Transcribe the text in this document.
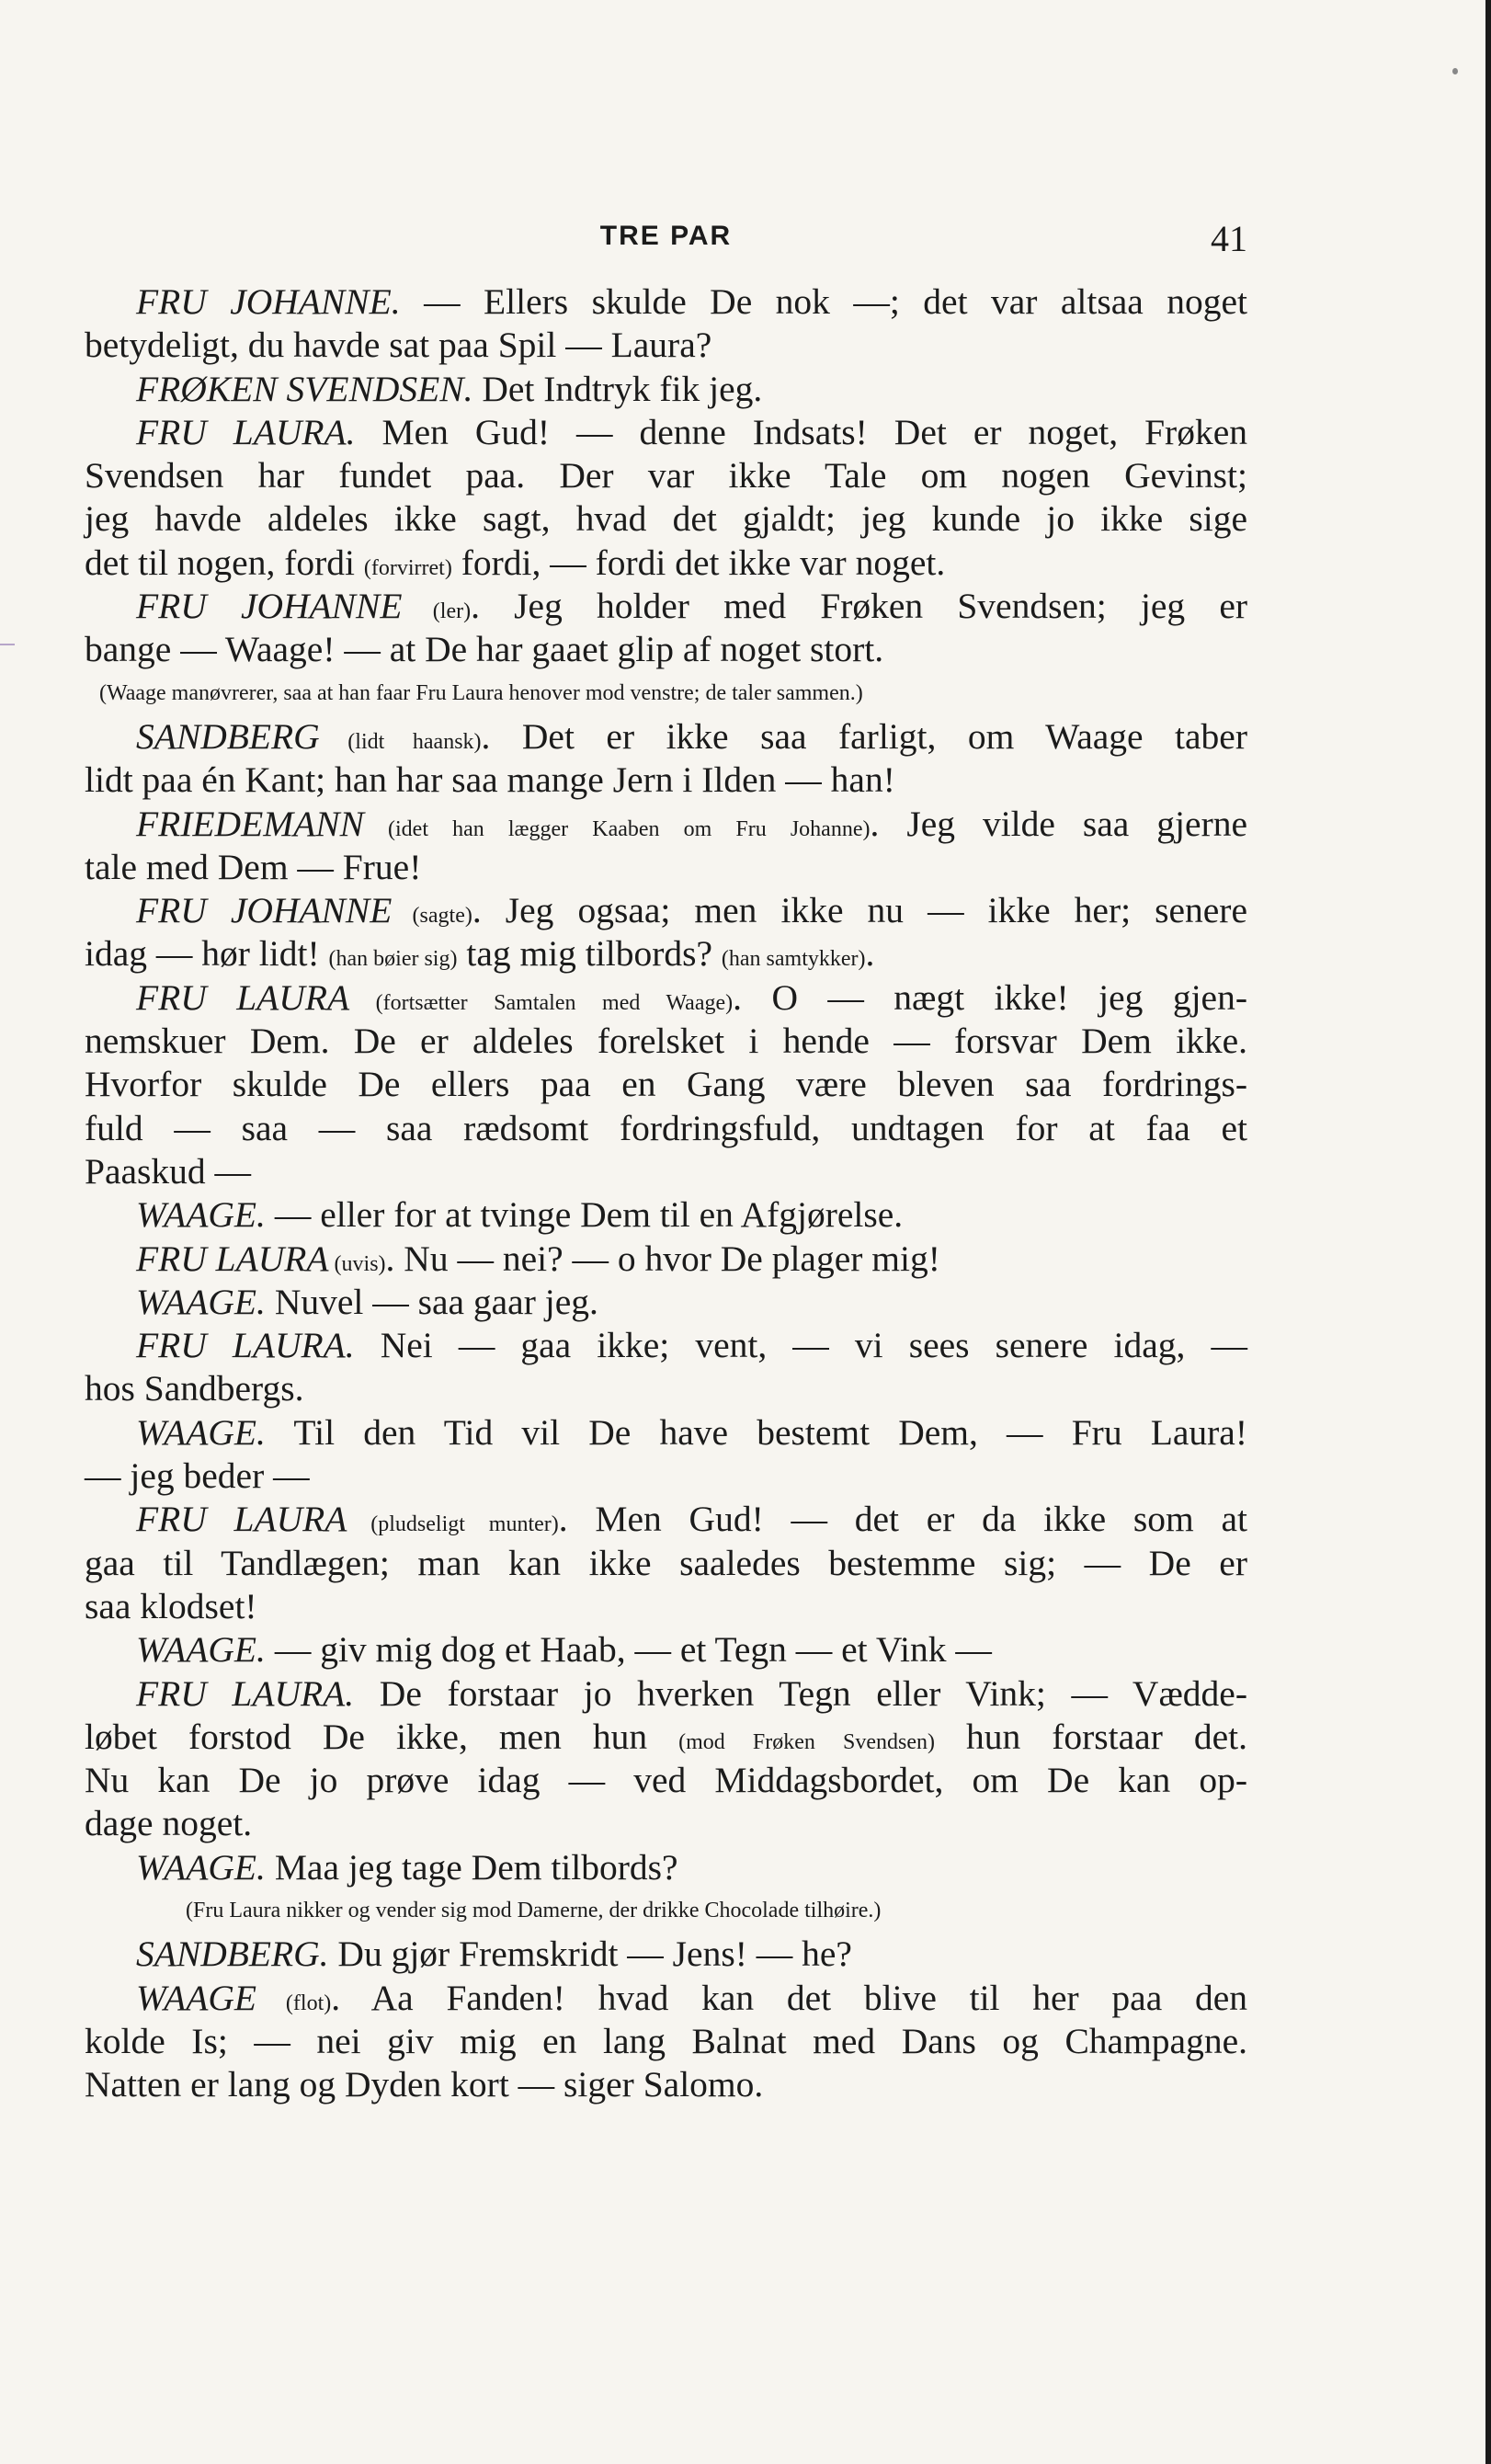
TRE PAR	41
FRU JOHANNE. — Ellers skulde De nok —; det var altsaa noget
betydeligt, du havde sat paa Spil — Laura?
FRØKEN SVENDSEN. Det Indtryk fik jeg.
FRU LAURA. Men Gud! — denne Indsats! Det er noget, Frøken
Svendsen har fundet paa. Der var ikke Tale om nogen Gevinst;
jeg havde aldeles ikke sagt, hvad det gjaldt; jeg kunde jo ikke sige
det til nogen, fordi (forvirret) fordi, — fordi det ikke var noget.
FRU JOHANNE (ler). Jeg holder med Frøken Svendsen; jeg er
bange — Waage! — at De har gaaet glip af noget stort.
(Waage manøvrerer, saa at han faar Fru Laura henover mod venstre; de taler sammen.)
SANDBERG (lidt haansk). Det er ikke saa farligt, om Waage taber
lidt paa én Kant; han har saa mange Jern i Ilden — han!
FRIEDEMANN (idet han lægger Kaaben om Fru Johanne). Jeg vilde saa gjerne
tale med Dem — Frue!
FRU JOHANNE (sagte). Jeg ogsaa; men ikke nu — ikke her; senere
idag — hør lidt! (han bøier sig) tag mig tilbords? (han samtykker).
FRU LAURA (fortsætter Samtalen med Waage). O — nægt ikke! jeg gjen-
nemskuer Dem. De er aldeles forelsket i hende — forsvar Dem ikke.
Hvorfor skulde De ellers paa en Gang være bleven saa fordrings-
fuld — saa — saa rædsomt fordringsfuld, undtagen for at faa et
Paaskud —
WAAGE. — eller for at tvinge Dem til en Afgjørelse.
FRU LAURA (uvis). Nu — nei? — o hvor De plager mig!
WAAGE. Nuvel — saa gaar jeg.
FRU LAURA. Nei — gaa ikke; vent, — vi sees senere idag, —
hos Sandbergs.
WAAGE. Til den Tid vil De have bestemt Dem, — Fru Laura!
— jeg beder —
FRU LAURA (pludseligt munter). Men Gud! — det er da ikke som at
gaa til Tandlægen; man kan ikke saaledes bestemme sig; — De er
saa klodset!
WAAGE. — giv mig dog et Haab, — et Tegn — et Vink —
FRU LAURA. De forstaar jo hverken Tegn eller Vink; — Vædde-
løbet forstod De ikke, men hun (mod Frøken Svendsen) hun forstaar det.
Nu kan De jo prøve idag — ved Middagsbordet, om De kan op-
dage noget.
WAAGE. Maa jeg tage Dem tilbords?
(Fru Laura nikker og vender sig mod Damerne, der drikke Chocolade tilhøire.)
SANDBERG. Du gjør Fremskridt — Jens! — he?
WAAGE (flot). Aa Fanden! hvad kan det blive til her paa den
kolde Is; — nei giv mig en lang Balnat med Dans og Champagne.
Natten er lang og Dyden kort — siger Salomo.
